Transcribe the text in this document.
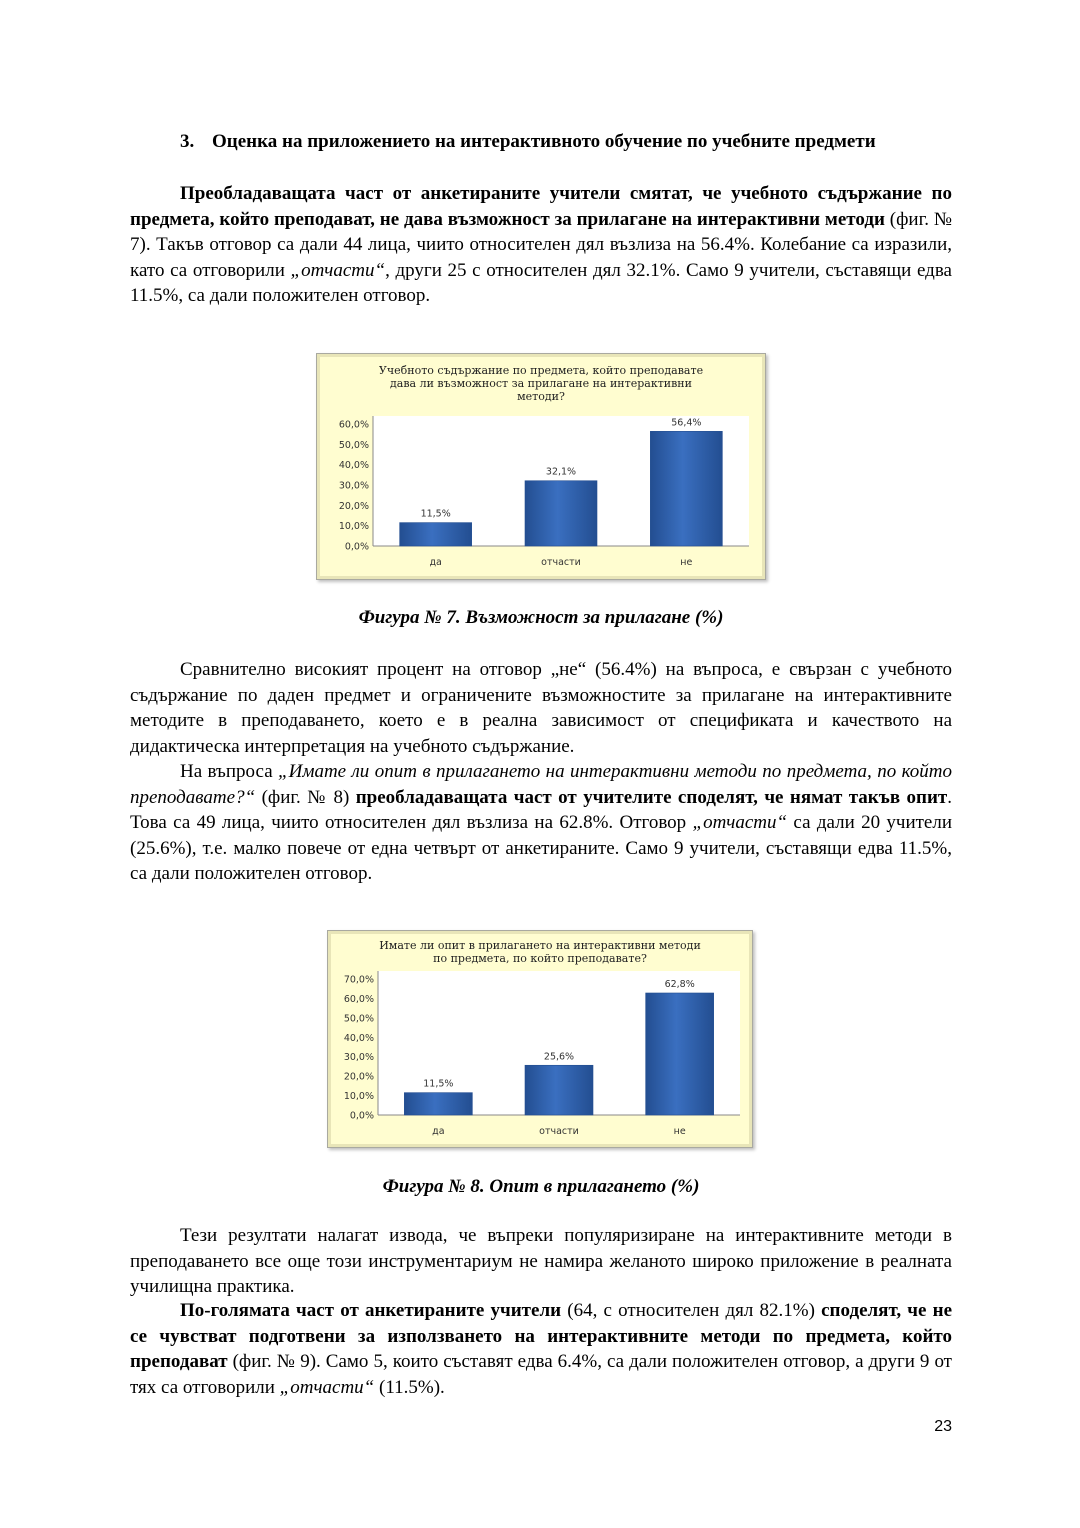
3. Оценка на приложението на интерактивното обучение по учебните предмети

Преобладаващата част от анкетираните учители смятат, че учебното съдържание по предмета, който преподават, не дава възможност за прилагане на интерактивни методи (фиг. № 7). Такъв отговор са дали 44 лица, чиито относителен дял възлиза на 56.4%. Колебание са изразили, като са отговорили „отчасти“, други 25 с относителен дял 32.1%. Само 9 учители, съставящи едва 11.5%, са дали положителен отговор.

Учебното съдържание по предмета, който преподавате
дава ли възможност за прилагане на интерактивни
методи?
0,0%
10,0%
20,0%
30,0%
40,0%
50,0%
60,0%
11,5%
да
32,1%
отчасти
56,4%
не
Фигура № 7. Възможност за прилагане (%)

Сравнително високият процент на отговор „не“ (56.4%) на въпроса, е свързан с учебното съдържание по даден предмет и ограничените възможностите за прилагане на интерактивните методите в преподаването, което е в реална зависимост от спецификата и качеството на дидактическа интерпретация на учебното съдържание.

На въпроса „Имате ли опит в прилагането на интерактивни методи по предмета, по който преподавате?“ (фиг. № 8) преобладаващата част от учителите споделят, че нямат такъв опит. Това са 49 лица, чиито относителен дял възлиза на 62.8%. Отговор „отчасти“ са дали 20 учители (25.6%), т.е. малко повече от една четвърт от анкетираните. Само 9 учители, съставящи едва 11.5%, са дали положителен отговор.

Имате ли опит в прилагането на интерактивни методи
по предмета, по който преподавате?
0,0%
10,0%
20,0%
30,0%
40,0%
50,0%
60,0%
70,0%
11,5%
да
25,6%
отчасти
62,8%
не
Фигура № 8. Опит в прилагането (%)

Тези резултати налагат извода, че въпреки популяризиране на интерактивните методи в преподаването все още този инструментариум не намира желаното широко приложение в реалната училищна практика.

По-голямата част от анкетираните учители (64, с относителен дял 82.1%) споделят, че не се чувстват подготвени за използването на интерактивните методи по предмета, който преподават (фиг. № 9). Само 5, които съставят едва 6.4%, са дали положителен отговор, а други 9 от тях са отговорили „отчасти“ (11.5%).

23
